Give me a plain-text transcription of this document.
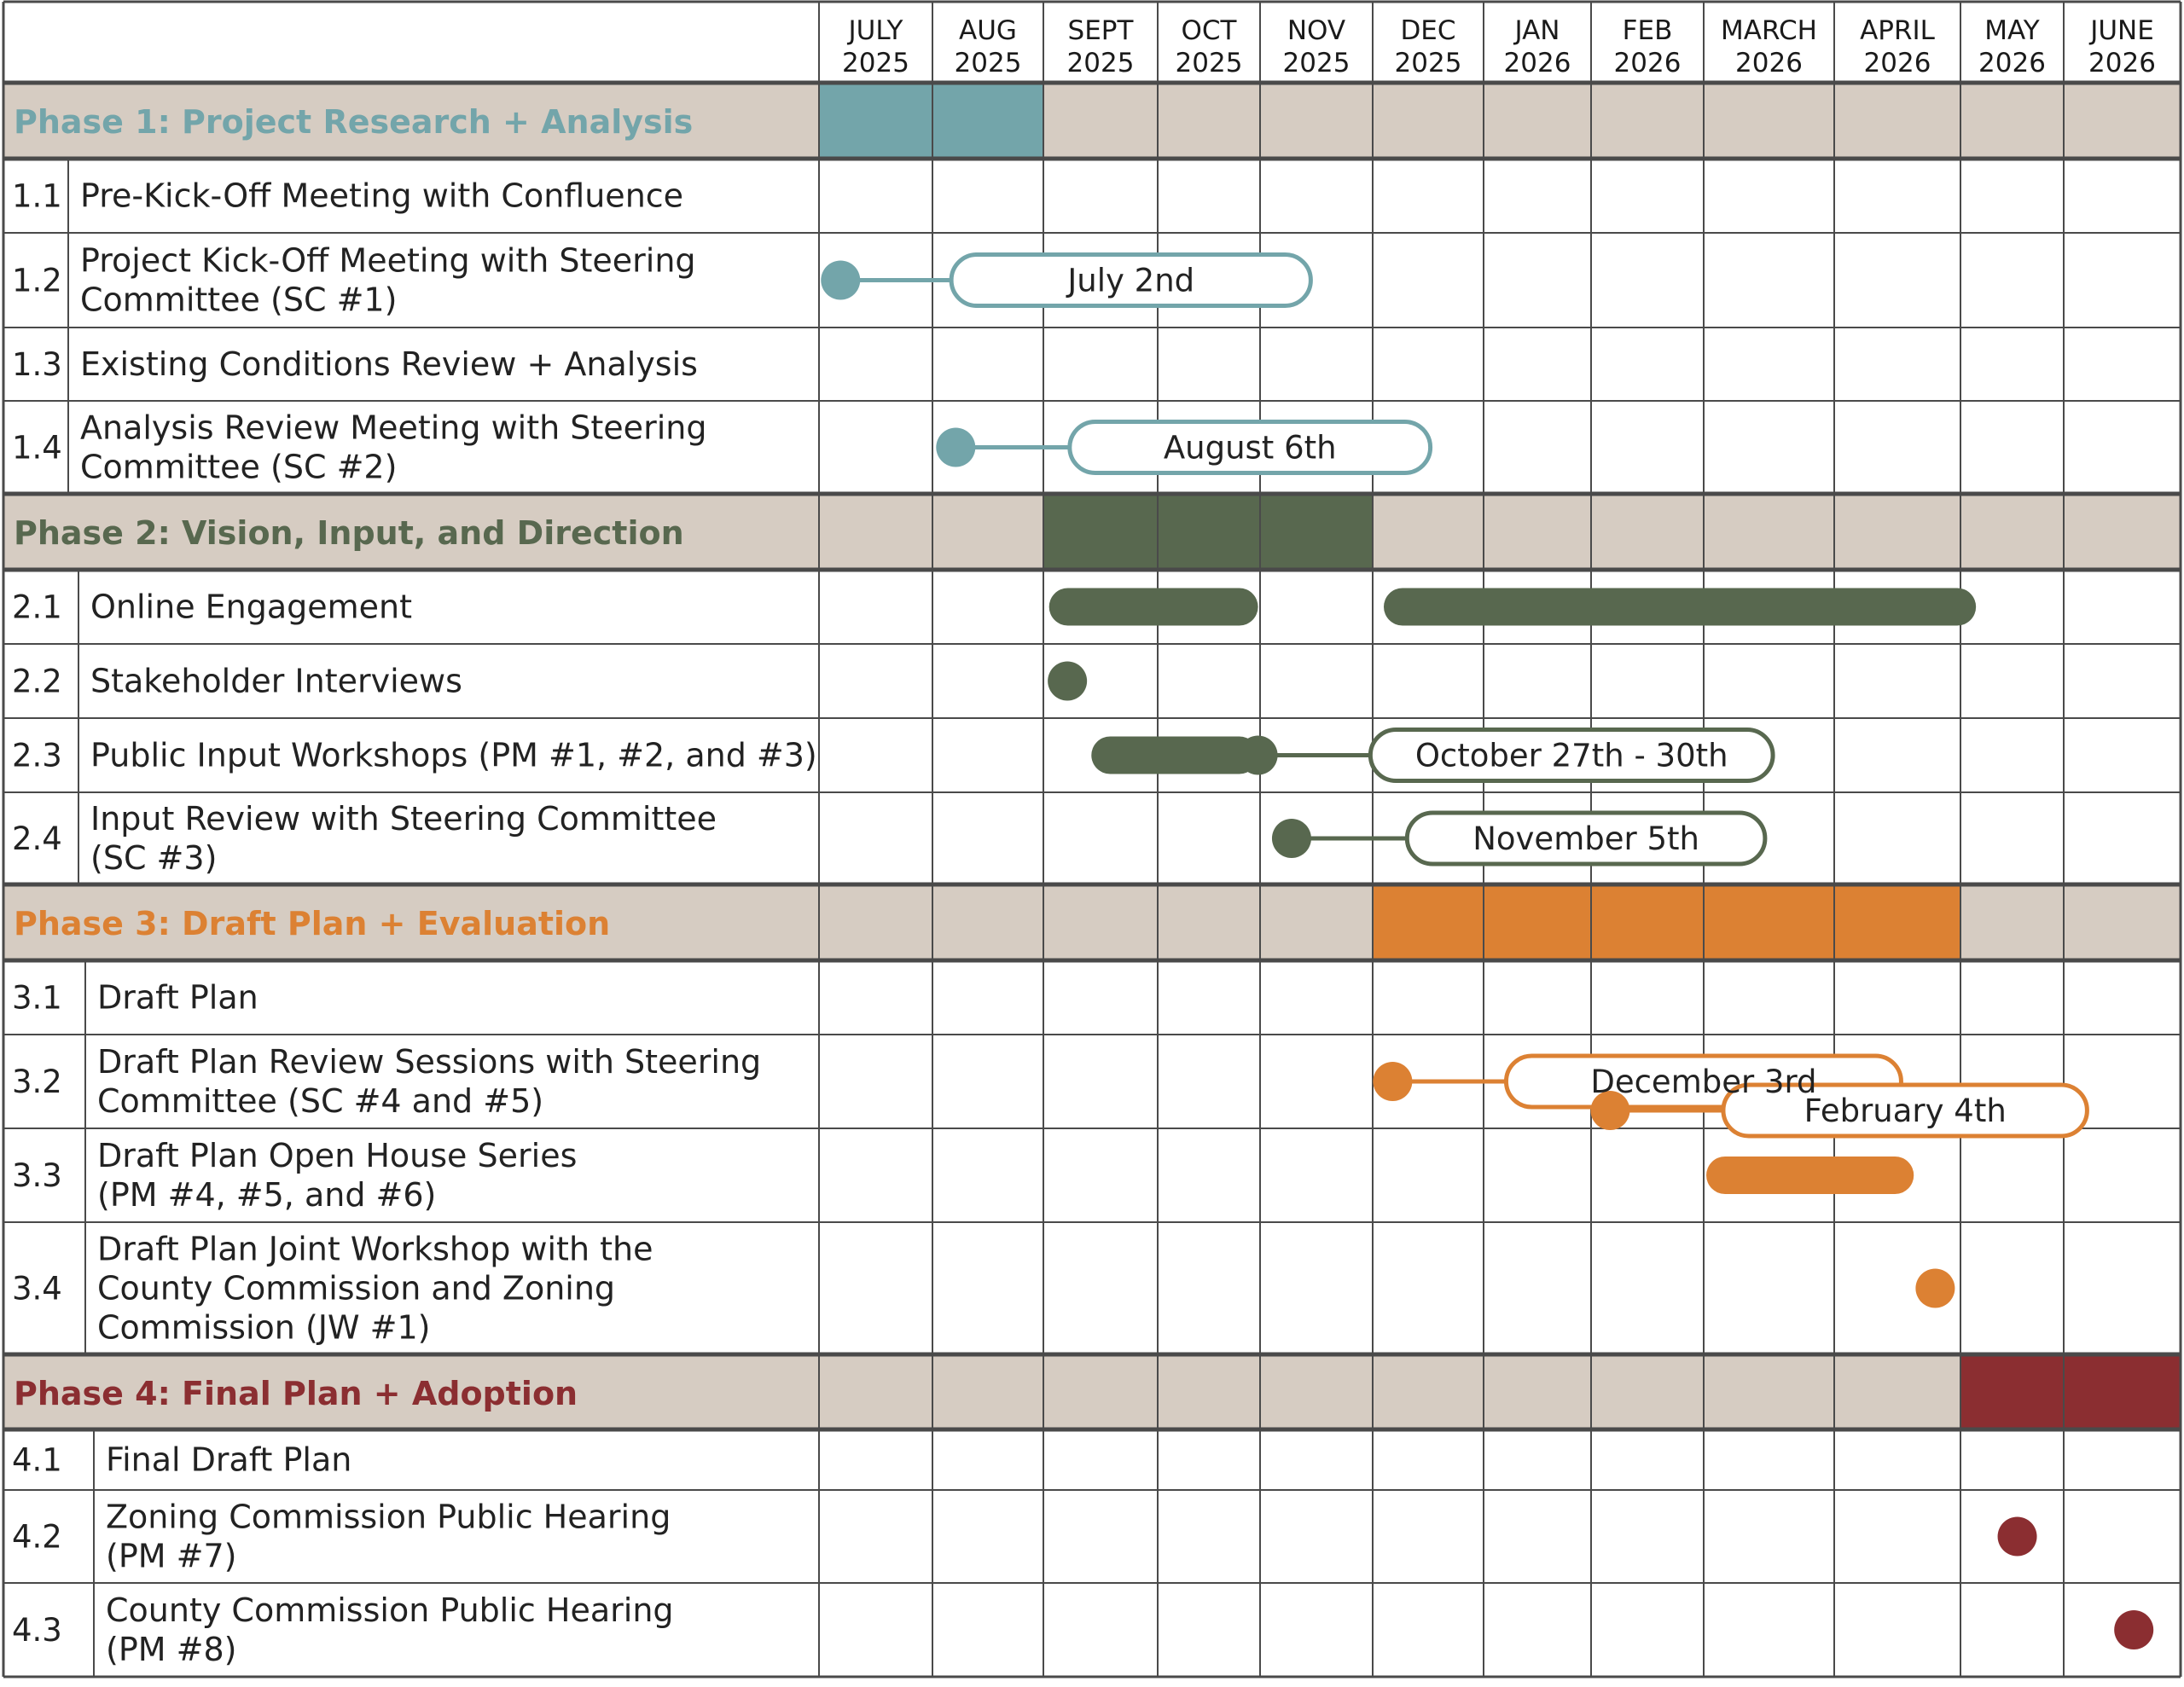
JULY
2025
AUG
2025
SEPT
2025
OCT
2025
NOV
2025
DEC
2025
JAN
2026
FEB
2026
MARCH
2026
APRIL
2026
MAY
2026
JUNE
2026
Phase 1: Project Research + Analysis
1.1 Pre-Kick-Off Meeting with Confluence
1.2
Project Kick-Off Meeting with Steering
Committee (SC #1)
July 2nd
1.3 Existing Conditions Review + Analysis
1.4
Analysis Review Meeting with Steering
Committee (SC #2)
August 6th
Phase 2: Vision, Input, and Direction
2.1 Online Engagement
2.2 Stakeholder Interviews
2.3 Public Input Workshops (PM #1, #2, and #3)	October 27th - 30th
2.4
Input Review with Steering Committee
(SC #3)
November 5th
Phase 3: Draft Plan + Evaluation
3.1 Draft Plan
3.2
Draft Plan Review Sessions with Steering
Committee (SC #4 and #5)
December 3rd
February 4th
3.3
Draft Plan Open House Series
(PM #4, #5, and #6)
3.4
Draft Plan Joint Workshop with the
County Commission and Zoning
Commission (JW #1)
Phase 4: Final Plan + Adoption
4.1 Final Draft Plan
4.2
Zoning Commission Public Hearing
(PM #7)
4.3
County Commission Public Hearing
(PM #8)
